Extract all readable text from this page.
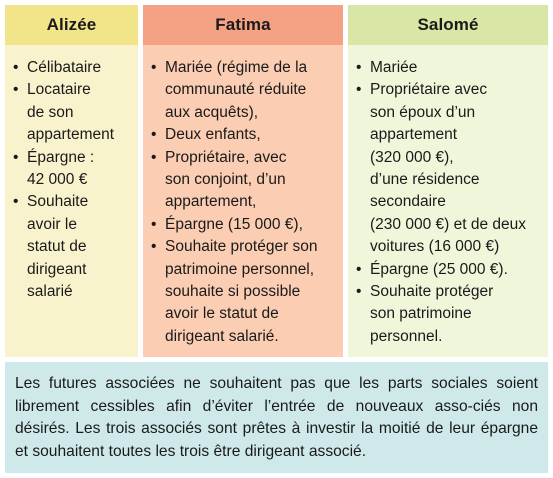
Alizée	Fatima	Salomé
• Célibataire
• Locataire
de son
appartement
• Épargne :
42 000 €
• Souhaite
avoir le
statut de
dirigeant
salarié
• Mariée (régime de la
communauté réduite
aux acquêts),
• Deux enfants,
• Propriétaire, avec
son conjoint, d’un
appartement,
• Épargne (15 000 €),
• Souhaite protéger son
patrimoine personnel,
souhaite si possible
avoir le statut de
dirigeant salarié.
• Mariée
• Propriétaire avec
son époux d’un
appartement
(320 000 €),
d’une résidence
secondaire
(230 000 €) et de deux
voitures (16 000 €)
• Épargne (25 000 €).
• Souhaite protéger
son patrimoine
personnel.
Les futures associées ne souhaitent pas que les parts sociales soient librement cessibles afin d’éviter l’entrée de nouveaux asso-ciés non désirés. Les trois associés sont prêtes à investir la moitié de leur épargne et souhaitent toutes les trois être dirigeant associé.
